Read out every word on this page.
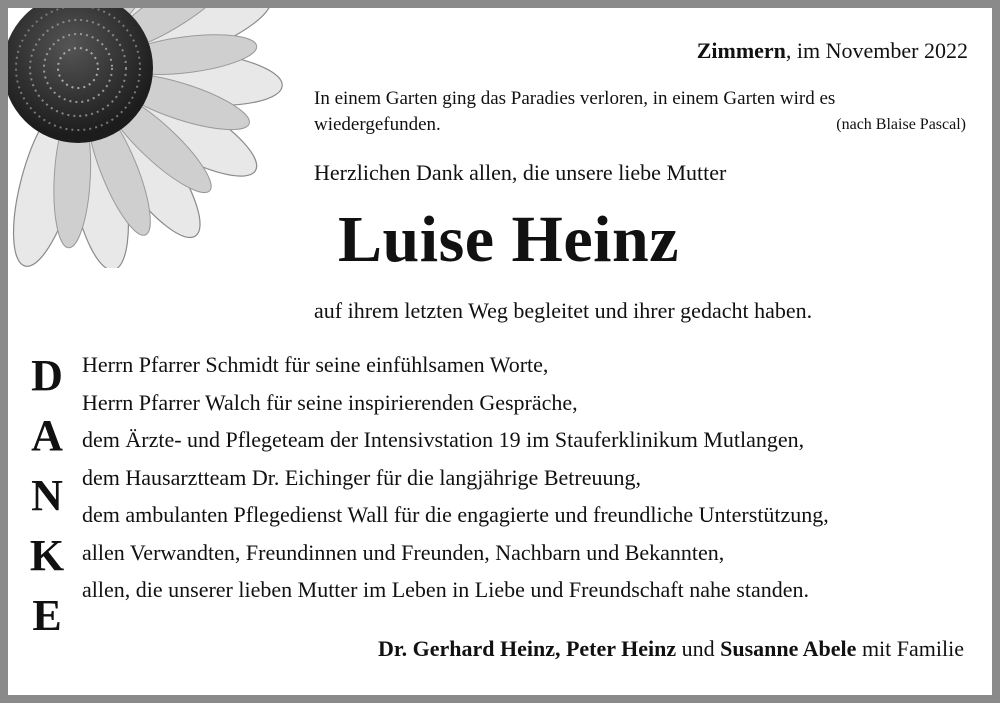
Zimmern, im November 2022
In einem Garten ging das Paradies verloren, in einem Garten wird es wiedergefunden.	(nach Blaise Pascal)
Herzlichen Dank allen, die unsere liebe Mutter
Luise Heinz
auf ihrem letzten Weg begleitet und ihrer gedacht haben.
D
A
N
K
E
Herrn Pfarrer Schmidt für seine einfühlsamen Worte,
Herrn Pfarrer Walch für seine inspirierenden Gespräche,
dem Ärzte- und Pflegeteam der Intensivstation 19 im Stauferklinikum Mutlangen,
dem Hausarztteam Dr. Eichinger für die langjährige Betreuung,
dem ambulanten Pflegedienst Wall für die engagierte und freundliche Unterstützung,
allen Verwandten, Freundinnen und Freunden, Nachbarn und Bekannten,
allen, die unserer lieben Mutter im Leben in Liebe und Freundschaft nahe standen.
Dr. Gerhard Heinz, Peter Heinz und Susanne Abele mit Familie
